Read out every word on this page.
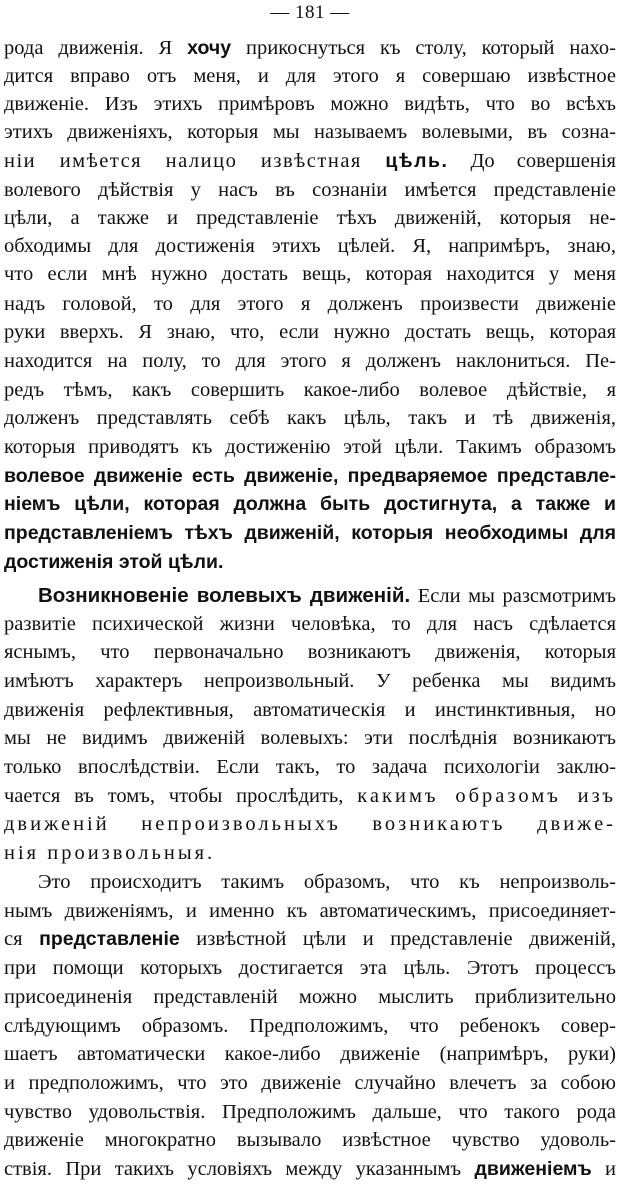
— 181 —
рода движенія. Я хочу прикоснуться къ столу, который нахо-
дится вправо отъ меня, и для этого я совершаю извѣстное
движеніе. Изъ этихъ примѣровъ можно видѣть, что во всѣхъ
этихъ движеніяхъ, которыя мы называемъ волевыми, въ созна-
ніи имѣется налицо извѣстная цѣль. До совершенія
волевого дѣйствія у насъ въ сознаніи имѣется представленіе
цѣли, а также и представленіе тѣхъ движеній, которыя не-
обходимы для достиженія этихъ цѣлей. Я, напримѣръ, знаю,
что если мнѣ нужно достать вещь, которая находится у меня
надъ головой, то для этого я долженъ произвести движеніе
руки вверхъ. Я знаю, что, если нужно достать вещь, которая
находится на полу, то для этого я долженъ наклониться. Пе-
редъ тѣмъ, какъ совершить какое-либо волевое дѣйствіе, я
долженъ представлять себѣ какъ цѣль, такъ и тѣ движенія,
которыя приводятъ къ достиженію этой цѣли. Такимъ образомъ
волевое движеніе есть движеніе, предваряемое представле-
ніемъ цѣли, которая должна быть достигнута, а также и
представленіемъ тѣхъ движеній, которыя необходимы для
достиженія этой цѣли.
Возникновеніе волевыхъ движеній. Если мы разсмотримъ
развитіе психической жизни человѣка, то для насъ сдѣлается
яснымъ, что первоначально возникаютъ движенія, которыя
имѣютъ характеръ непроизвольный. У ребенка мы видимъ
движенія рефлективныя, автоматическія и инстинктивныя, но
мы не видимъ движеній волевыхъ: эти послѣднія возникаютъ
только впослѣдствіи. Если такъ, то задача психологіи заклю-
чается въ томъ, чтобы прослѣдить, какимъ образомъ изъ
движеній непроизвольныхъ возникаютъ движе-
нія произвольныя.
Это происходитъ такимъ образомъ, что къ непроизволь-
нымъ движеніямъ, и именно къ автоматическимъ, присоединяет-
ся представленіе извѣстной цѣли и представленіе движеній,
при помощи которыхъ достигается эта цѣль. Этотъ процессъ
присоединенія представленій можно мыслить приблизительно
слѣдующимъ образомъ. Предположимъ, что ребенокъ совер-
шаетъ автоматически какое-либо движеніе (напримѣръ, руки)
и предположимъ, что это движеніе случайно влечетъ за собою
чувство удовольствія. Предположимъ дальше, что такого рода
движеніе многократно вызывало извѣстное чувство удоволь-
ствія. При такихъ условіяхъ между указаннымъ движеніемъ и
